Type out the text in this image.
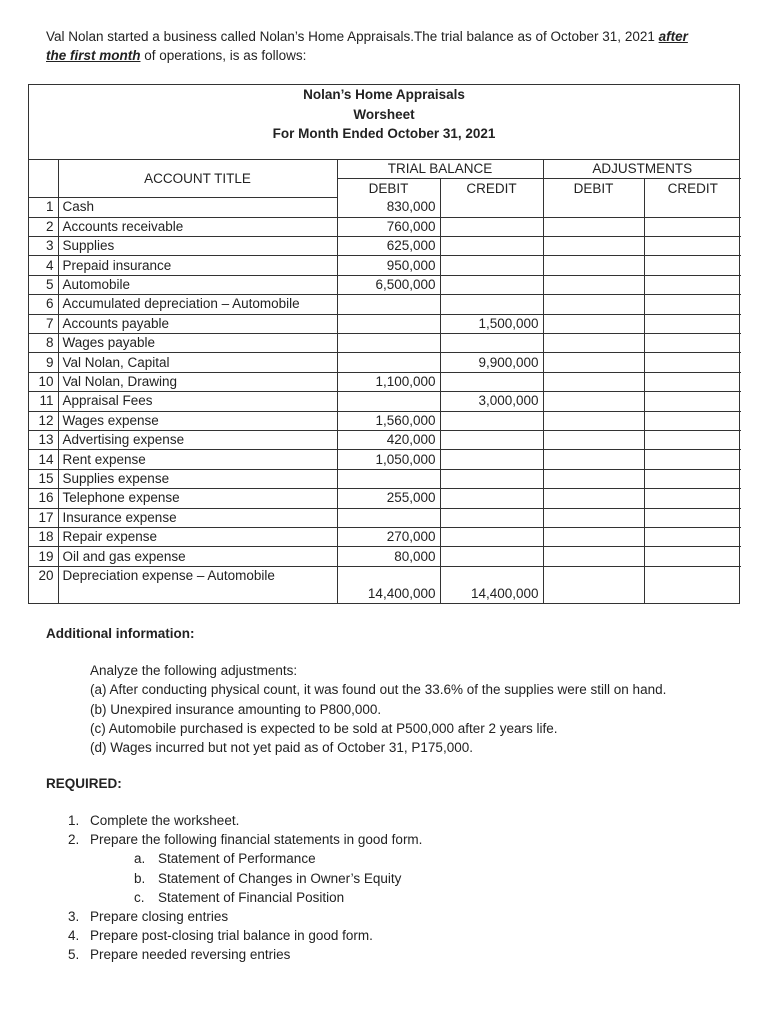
Val Nolan started a business called Nolan’s Home Appraisals.The trial balance as of October 31, 2021 after
the first month of operations, is as follows:
Nolan’s Home Appraisals
Worsheet
For Month Ended October 31, 2021
	ACCOUNT TITLE	TRIAL BALANCE		ADJUSTMENTS	
		DEBIT	CREDIT	DEBIT	CREDIT
1	Cash	830,000			
2	Accounts receivable	760,000			
3	Supplies	625,000			
4	Prepaid insurance	950,000			
5	Automobile	6,500,000			
6	Accumulated depreciation – Automobile				
7	Accounts payable		1,500,000		
8	Wages payable				
9	Val Nolan, Capital		9,900,000		
10	Val Nolan, Drawing	1,100,000			
11	Appraisal Fees		3,000,000		
12	Wages expense	1,560,000			
13	Advertising expense	420,000			
14	Rent expense	1,050,000			
15	Supplies expense				
16	Telephone expense	255,000			
17	Insurance expense				
18	Repair expense	270,000			
19	Oil and gas expense	80,000			
20	Depreciation expense – Automobile				
		14,400,000	14,400,000		
Additional information:
Analyze the following adjustments:
(a) After conducting physical count, it was found out the 33.6% of the supplies were still on hand.
(b) Unexpired insurance amounting to P800,000.
(c) Automobile purchased is expected to be sold at P500,000 after 2 years life.
(d) Wages incurred but not yet paid as of October 31, P175,000.
REQUIRED:
1. Complete the worksheet.
2. Prepare the following financial statements in good form.
a. Statement of Performance
b. Statement of Changes in Owner’s Equity
c. Statement of Financial Position
3. Prepare closing entries
4. Prepare post-closing trial balance in good form.
5. Prepare needed reversing entries
